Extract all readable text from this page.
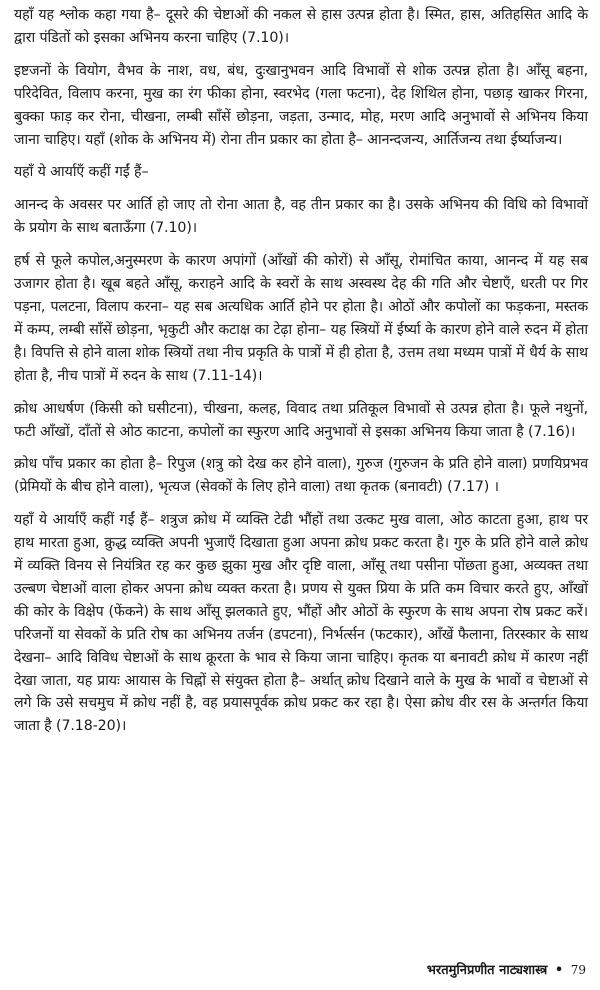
यहाँ यह श्लोक कहा गया है– दूसरे की चेष्टाओं की नकल से हास उत्पन्न होता है। स्मित, हास, अतिहसित आदि के द्वारा पंडितों को इसका अभिनय करना चाहिए (7.10)।

इष्टजनों के वियोग, वैभव के नाश, वध, बंध, दुःखानुभवन आदि विभावों से शोक उत्पन्न होता है। आँसू बहना, परिदेवित, विलाप करना, मुख का रंग फीका होना, स्वरभेद (गला फटना), देह शिथिल होना, पछाड़ खाकर गिरना, बुक्का फाड़ कर रोना, चीखना, लम्बी साँसें छोड़ना, जड़ता, उन्माद, मोह, मरण आदि अनुभावों से अभिनय किया जाना चाहिए। यहाँ (शोक के अभिनय में) रोना तीन प्रकार का होता है– आनन्दजन्य, आर्तिजन्य तथा ईर्ष्याजन्य।

यहाँ ये आर्याएँ कहीं गईं हैं–

आनन्द के अवसर पर आर्ति हो जाए तो रोना आता है, वह तीन प्रकार का है। उसके अभिनय की विधि को विभावों के प्रयोग के साथ बताऊँगा (7.10)।

हर्ष से फूले कपोल,अनुस्मरण के कारण अपांगों (आँखों की कोरों) से आँसू, रोमांचित काया, आनन्द में यह सब उजागर होता है। खूब बहते आँसू, कराहने आदि के स्वरों के साथ अस्वस्थ देह की गति और चेष्टाएँ, धरती पर गिर पड़ना, पलटना, विलाप करना– यह सब अत्यधिक आर्ति होने पर होता है। ओठों और कपोलों का फड़कना, मस्तक में कम्प, लम्बी साँसें छोड़ना, भृकुटी और कटाक्ष का टेढ़ा होना– यह स्त्रियों में ईर्ष्या के कारण होने वाले रुदन में होता है। विपत्ति से होने वाला शोक स्त्रियों तथा नीच प्रकृति के पात्रों में ही होता है, उत्तम तथा मध्यम पात्रों में धैर्य के साथ होता है, नीच पात्रों में रुदन के साथ (7.11-14)।

क्रोध आधर्षण (किसी को घसीटना), चीखना, कलह, विवाद तथा प्रतिकूल विभावों से उत्पन्न होता है। फूले नथुनों, फटी आँखों, दाँतों से ओठ काटना, कपोलों का स्फुरण आदि अनुभावों से इसका अभिनय किया जाता है (7.16)।

क्रोध पाँच प्रकार का होता है– रिपुज (शत्रु को देख कर होने वाला), गुरुज (गुरुजन के प्रति होने वाला) प्रणयिप्रभव (प्रेमियों के बीच होने वाला), भृत्यज (सेवकों के लिए होने वाला) तथा कृतक (बनावटी) (7.17) ।

यहाँ ये आर्याएँ कहीं गईं हैं– शत्रुज क्रोध में व्यक्ति टेढी भौंहों तथा उत्कट मुख वाला, ओठ काटता हुआ, हाथ पर हाथ मारता हुआ, क्रुद्ध व्यक्ति अपनी भुजाएँ दिखाता हुआ अपना क्रोध प्रकट करता है। गुरु के प्रति होने वाले क्रोध में व्यक्ति विनय से नियंत्रित रह कर कुछ झुका मुख और दृष्टि वाला, आँसू तथा पसीना पोंछता हुआ, अव्यक्त तथा उल्बण चेष्टाओं वाला होकर अपना क्रोध व्यक्त करता है। प्रणय से युक्त प्रिया के प्रति कम विचार करते हुए, आँखों की कोर के विक्षेप (फेंकने) के साथ आँसू झलकाते हुए, भौंहों और ओठों के स्फुरण के साथ अपना रोष प्रकट करें। परिजनों या सेवकों के प्रति रोष का अभिनय तर्जन (डपटना), निर्भर्त्सन (फटकार), आँखें फैलाना, तिरस्कार के साथ देखना– आदि विविध चेष्टाओं के साथ क्रूरता के भाव से किया जाना चाहिए। कृतक या बनावटी क्रोध में कारण नहीं देखा जाता, यह प्रायः आयास के चिह्नों से संयुक्त होता है– अर्थात् क्रोध दिखाने वाले के मुख के भावों व चेष्टाओं से लगे कि उसे सचमुच में क्रोध नहीं है, वह प्रयासपूर्वक क्रोध प्रकट कर रहा है। ऐसा क्रोध वीर रस के अन्तर्गत किया जाता है (7.18-20)।

भरतमुनिप्रणीत नाट्यशास्त्र • 79
